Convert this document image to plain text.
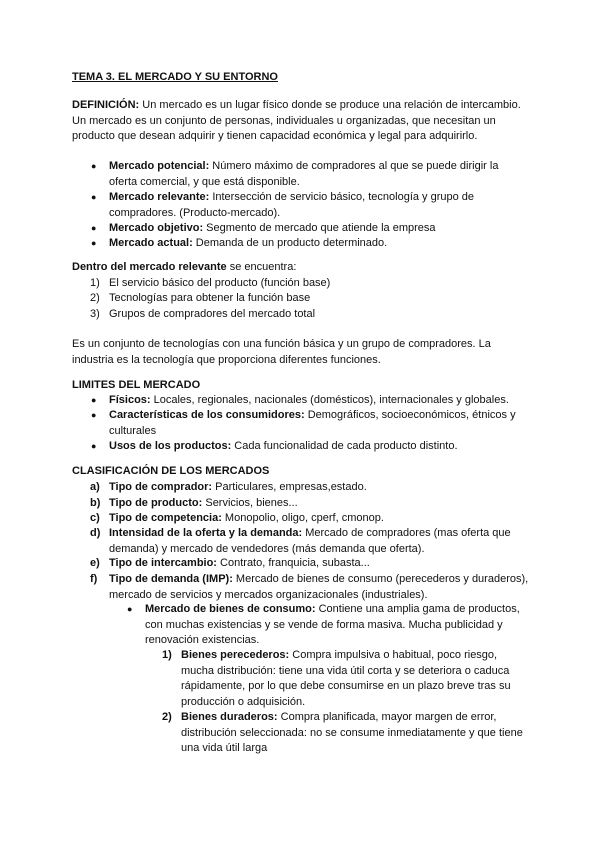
TEMA 3. EL MERCADO Y SU ENTORNO
DEFINICIÓN: Un mercado es un lugar físico donde se produce una relación de intercambio. Un mercado es un conjunto de personas, individuales u organizadas, que necesitan un producto que desean adquirir y tienen capacidad económica y legal para adquirirlo.
● Mercado potencial: Número máximo de compradores al que se puede dirigir la oferta comercial, y que está disponible.
● Mercado relevante: Intersección de servicio básico, tecnología y grupo de compradores. (Producto-mercado).
● Mercado objetivo: Segmento de mercado que atiende la empresa
● Mercado actual: Demanda de un producto determinado.
Dentro del mercado relevante se encuentra:
1) El servicio básico del producto (función base)
2) Tecnologías para obtener la función base
3) Grupos de compradores del mercado total
Es un conjunto de tecnologías con una función básica y un grupo de compradores. La industria es la tecnología que proporciona diferentes funciones.
LIMITES DEL MERCADO
● Físicos: Locales, regionales, nacionales (domésticos), internacionales y globales.
● Características de los consumidores: Demográficos, socioeconómicos, étnicos y culturales
● Usos de los productos: Cada funcionalidad de cada producto distinto.
CLASIFICACIÓN DE LOS MERCADOS
a) Tipo de comprador: Particulares, empresas,estado.
b) Tipo de producto: Servicios, bienes...
c) Tipo de competencia: Monopolio, oligo, cperf, cmonop.
d) Intensidad de la oferta y la demanda: Mercado de compradores (mas oferta que demanda) y mercado de vendedores (más demanda que oferta).
e) Tipo de intercambio: Contrato, franquicia, subasta...
f) Tipo de demanda (IMP): Mercado de bienes de consumo (perecederos y duraderos), mercado de servicios y mercados organizacionales (industriales).
● Mercado de bienes de consumo: Contiene una amplia gama de productos, con muchas existencias y se vende de forma masiva. Mucha publicidad y renovación existencias.
1) Bienes perecederos: Compra impulsiva o habitual, poco riesgo, mucha distribución: tiene una vida útil corta y se deteriora o caduca rápidamente, por lo que debe consumirse en un plazo breve tras su producción o adquisición.
2) Bienes duraderos: Compra planificada, mayor margen de error, distribución seleccionada: no se consume inmediatamente y que tiene una vida útil larga
